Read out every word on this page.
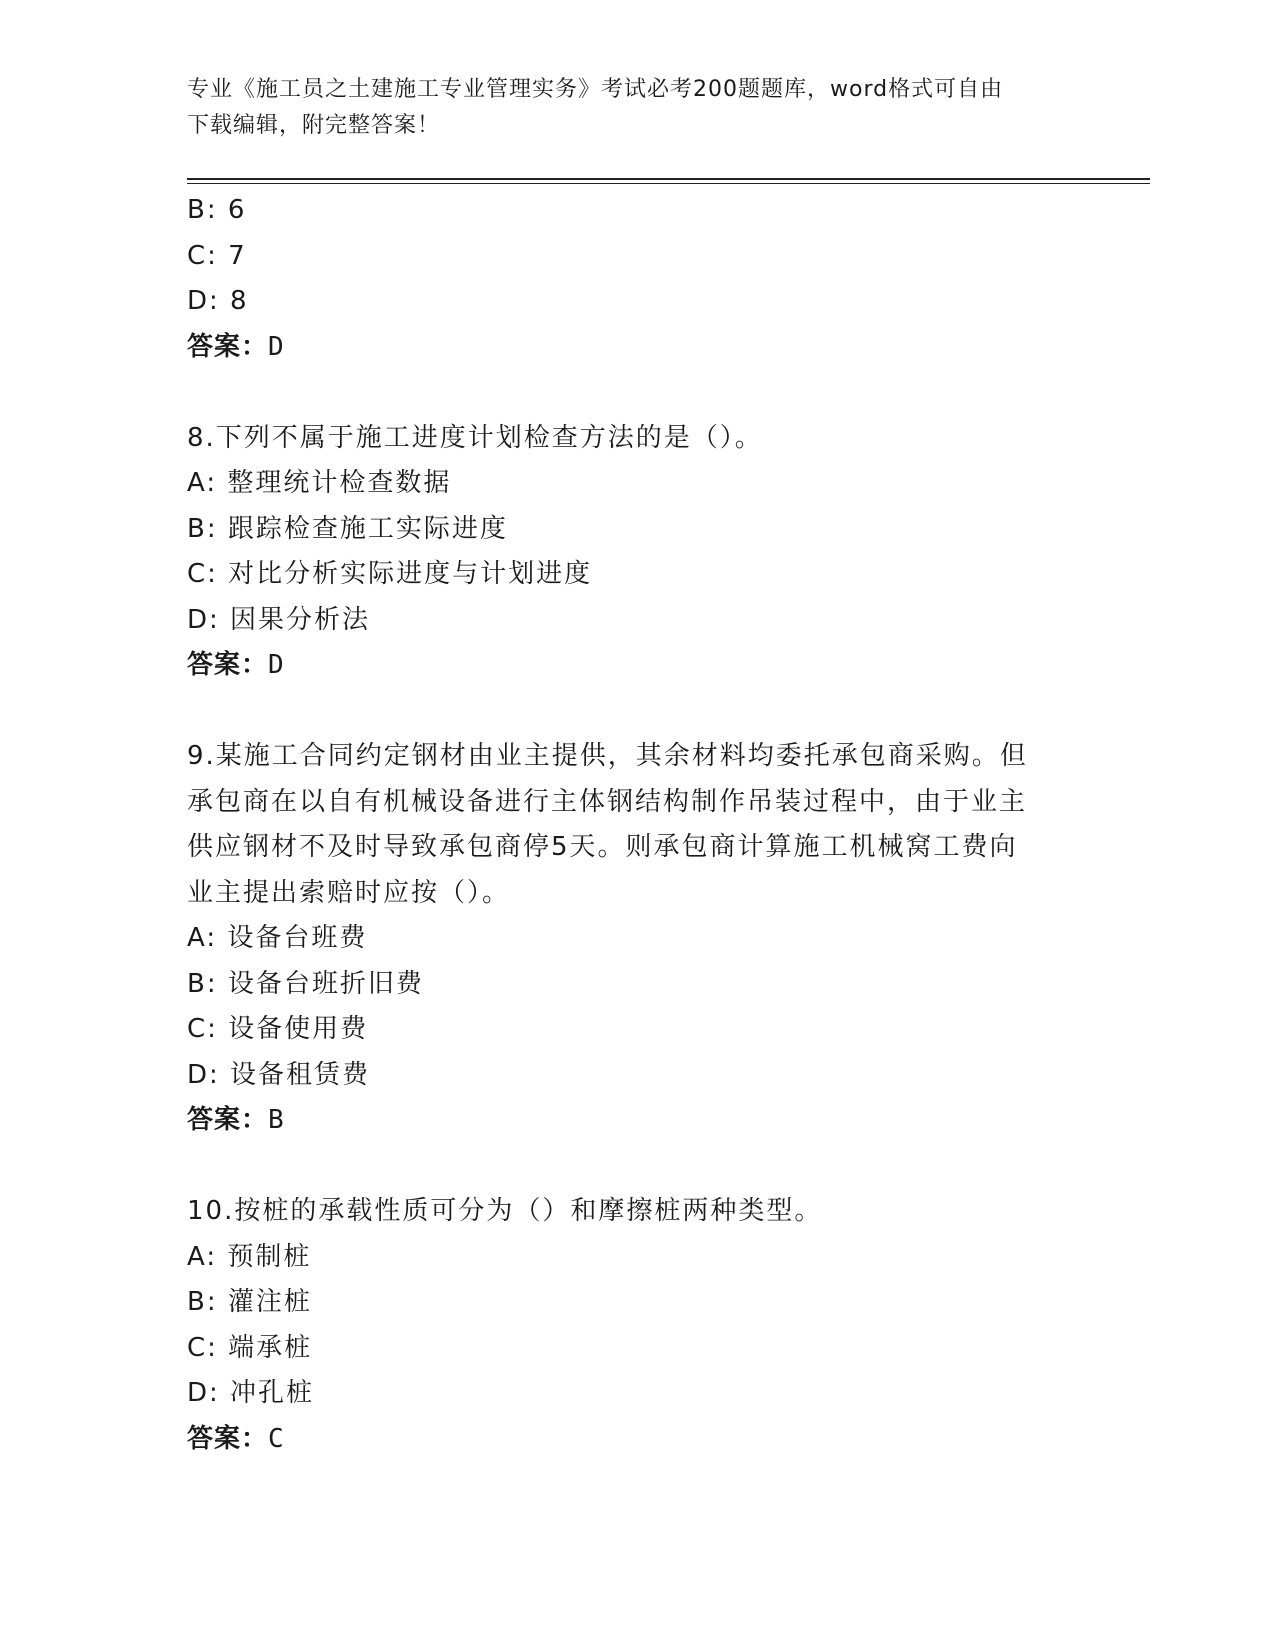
专业《施工员之土建施工专业管理实务》考试必考200题题库，word格式可自由
下载编辑，附完整答案！
B: 6
C: 7
D: 8
答案：D
8.下列不属于施工进度计划检查方法的是（）。
A: 整理统计检查数据
B: 跟踪检查施工实际进度
C: 对比分析实际进度与计划进度
D: 因果分析法
答案：D
9.某施工合同约定钢材由业主提供，其余材料均委托承包商采购。但
承包商在以自有机械设备进行主体钢结构制作吊装过程中，由于业主
供应钢材不及时导致承包商停5天。则承包商计算施工机械窝工费向
业主提出索赔时应按（）。
A: 设备台班费
B: 设备台班折旧费
C: 设备使用费
D: 设备租赁费
答案：B
10.按桩的承载性质可分为（）和摩擦桩两种类型。
A: 预制桩
B: 灌注桩
C: 端承桩
D: 冲孔桩
答案：C
